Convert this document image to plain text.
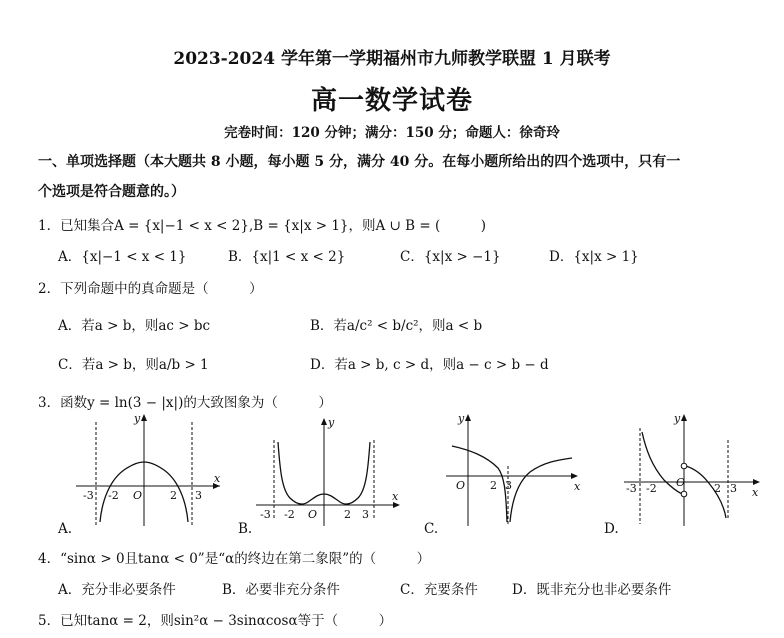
2023-2024 学年第一学期福州市九师教学联盟 1 月联考
高一数学试卷
完卷时间：120 分钟；满分：150 分；命题人：徐奇玲
一、单项选择题（本大题共 8 小题，每小题 5 分，满分 40 分。在每小题所给出的四个选项中，只有一
个选项是符合题意的。）
1．已知集合A = {x|−1 < x < 2},B = {x|x > 1}，则A ∪ B = (　　　)
A．{x|−1 < x < 1}	B．{x|1 < x < 2}	C．{x|x > −1}	D．{x|x > 1}
2．下列命题中的真命题是（　　　）
A．若a > b，则ac > bc	B．若a/c² < b/c²，则a < b
C．若a > b，则a/b > 1	D．若a > b, c > d，则a − c > b − d
3．函数y = ln(3 − |x|)的大致图象为（　　　）
x
y
O
-3 -2	2 3
A.
x
y
O
-3 -2	2 3
B.
x
y
O 2 3
C.
x
y
O
-3 -2	2 3
D.
4．“sinα > 0且tanα < 0”是“α的终边在第二象限”的（　　　）
A．充分非必要条件	B．必要非充分条件	C．充要条件	D．既非充分也非必要条件
5．已知tanα = 2，则sin²α − 3sinαcosα等于（　　　）
